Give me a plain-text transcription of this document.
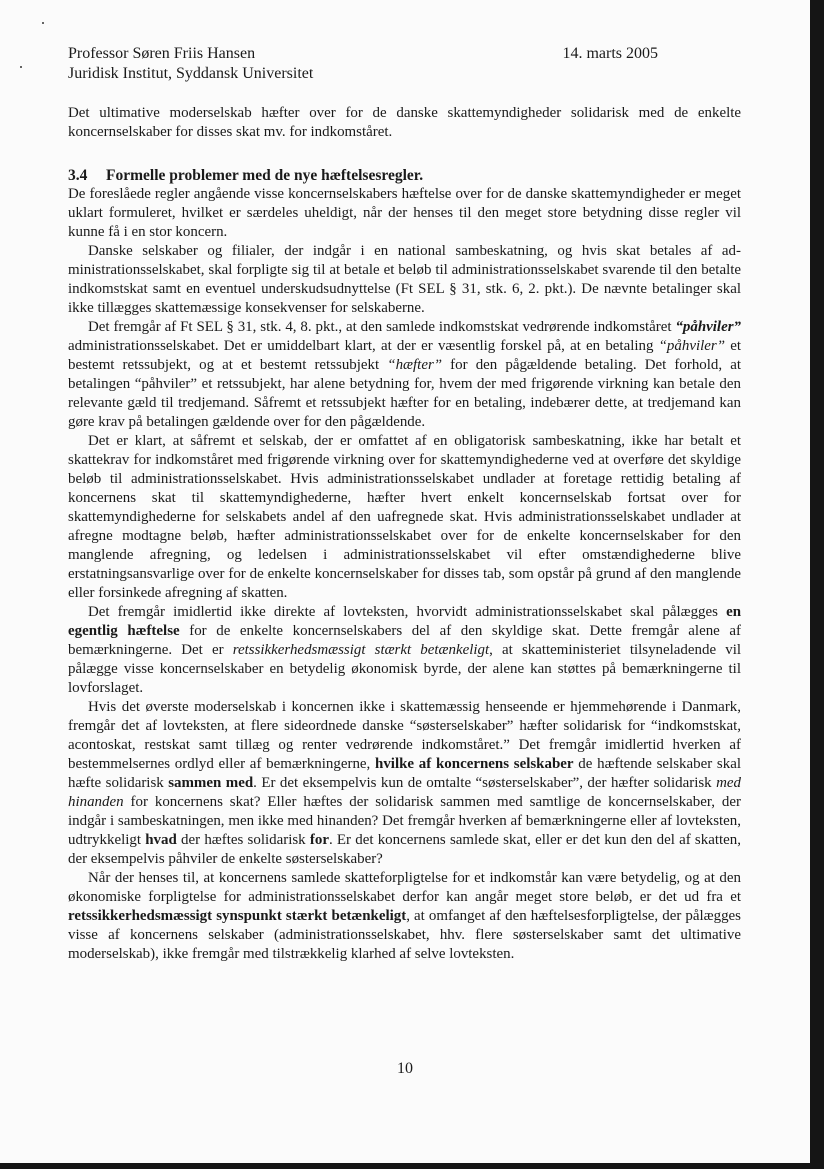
Professor Søren Friis Hansen
Juridisk Institut, Syddansk Universitet
14. marts 2005

Det ultimative moderselskab hæfter over for de danske skattemyndigheder solidarisk med de enkelte koncernselskaber for disses skat mv. for indkomståret.

3.4 Formelle problemer med de nye hæftelsesregler.

De foreslåede regler angående visse koncernselskabers hæftelse over for de danske skattemyndigheder er meget uklart formuleret, hvilket er særdeles uheldigt, når der henses til den meget store betydning disse regler vil kunne få i en stor koncern.

Danske selskaber og filialer, der indgår i en national sambeskatning, og hvis skat betales af administrationsselskabet, skal forpligte sig til at betale et beløb til administrationsselskabet svarende til den betalte indkomstskat samt en eventuel underskudsudnyttelse (Ft SEL § 31, stk. 6, 2. pkt.). De nævnte betalinger skal ikke tillægges skattemæssige konsekvenser for selskaberne.

Det fremgår af Ft SEL § 31, stk. 4, 8. pkt., at den samlede indkomstskat vedrørende indkomståret “påhviler” administrationsselskabet. Det er umiddelbart klart, at der er væsentlig forskel på, at en betaling “påhviler” et bestemt retssubjekt, og at et bestemt retssubjekt “hæfter” for den pågældende betaling. Det forhold, at betalingen “påhviler” et retssubjekt, har alene betydning for, hvem der med frigørende virkning kan betale den relevante gæld til tredjemand. Såfremt et retssubjekt hæfter for en betaling, indebærer dette, at tredjemand kan gøre krav på betalingen gældende over for den pågældende.

Det er klart, at såfremt et selskab, der er omfattet af en obligatorisk sambeskatning, ikke har betalt et skattekrav for indkomståret med frigørende virkning over for skattemyndighederne ved at overføre det skyldige beløb til administrationsselskabet. Hvis administrationsselskabet undlader at foretage rettidig betaling af koncernens skat til skattemyndighederne, hæfter hvert enkelt koncernselskab fortsat over for skattemyndighederne for selskabets andel af den uafregnede skat. Hvis administrationsselskabet undlader at afregne modtagne beløb, hæfter administrationsselskabet over for de enkelte koncernselskaber for den manglende afregning, og ledelsen i administrationsselskabet vil efter omstændighederne blive erstatningsansvarlige over for de enkelte koncernselskaber for disses tab, som opstår på grund af den manglende eller forsinkede afregning af skatten.

Det fremgår imidlertid ikke direkte af lovteksten, hvorvidt administrationsselskabet skal pålægges en egentlig hæftelse for de enkelte koncernselskabers del af den skyldige skat. Dette fremgår alene af bemærkningerne. Det er retssikkerhedsmæssigt stærkt betænkeligt, at skatteministeriet tilsyneladende vil pålægge visse koncernselskaber en betydelig økonomisk byrde, der alene kan støttes på bemærkningerne til lovforslaget.

Hvis det øverste moderselskab i koncernen ikke i skattemæssig henseende er hjemmehørende i Danmark, fremgår det af lovteksten, at flere sideordnede danske “søsterselskaber” hæfter solidarisk for “indkomstskat, acontoskat, restskat samt tillæg og renter vedrørende indkomståret.” Det fremgår imidlertid hverken af bestemmelsernes ordlyd eller af bemærkningerne, hvilke af koncernens selskaber de hæftende selskaber skal hæfte solidarisk sammen med. Er det eksempelvis kun de omtalte “søsterselskaber”, der hæfter solidarisk med hinanden for koncernens skat? Eller hæftes der solidarisk sammen med samtlige de koncernselskaber, der indgår i sambeskatningen, men ikke med hinanden? Det fremgår hverken af bemærkningerne eller af lovteksten, udtrykkeligt hvad der hæftes solidarisk for. Er det koncernens samlede skat, eller er det kun den del af skatten, der eksempelvis påhviler de enkelte søsterselskaber?

Når der henses til, at koncernens samlede skatteforpligtelse for et indkomstår kan være betydelig, og at den økonomiske forpligtelse for administrationsselskabet derfor kan angår meget store beløb, er det ud fra et retssikkerhedsmæssigt synspunkt stærkt betænkeligt, at omfanget af den hæftelsesforpligtelse, der pålægges visse af koncernens selskaber (administrationsselskabet, hhv. flere søsterselskaber samt det ultimative moderselskab), ikke fremgår med tilstrækkelig klarhed af selve lovteksten.

10
